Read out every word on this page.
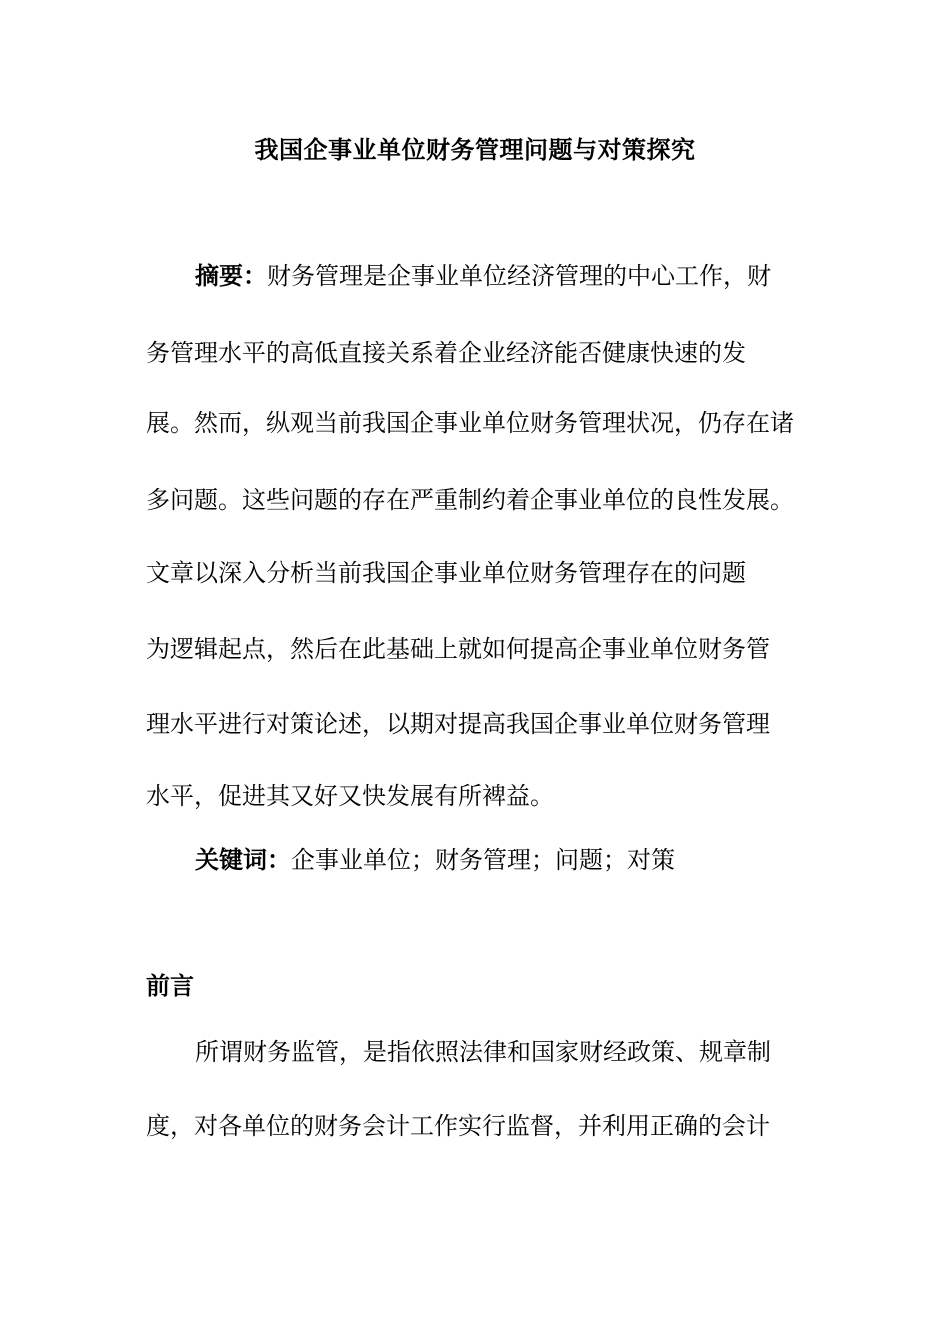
我国企事业单位财务管理问题与对策探究
摘要：财务管理是企事业单位经济管理的中心工作，财
务管理水平的高低直接关系着企业经济能否健康快速的发
展。然而，纵观当前我国企事业单位财务管理状况，仍存在诸
多问题。这些问题的存在严重制约着企事业单位的良性发展。
文章以深入分析当前我国企事业单位财务管理存在的问题
为逻辑起点，然后在此基础上就如何提高企事业单位财务管
理水平进行对策论述，以期对提高我国企事业单位财务管理
水平，促进其又好又快发展有所裨益。
关键词：企事业单位；财务管理；问题；对策
前言
所谓财务监管，是指依照法律和国家财经政策、规章制
度，对各单位的财务会计工作实行监督，并利用正确的会计
